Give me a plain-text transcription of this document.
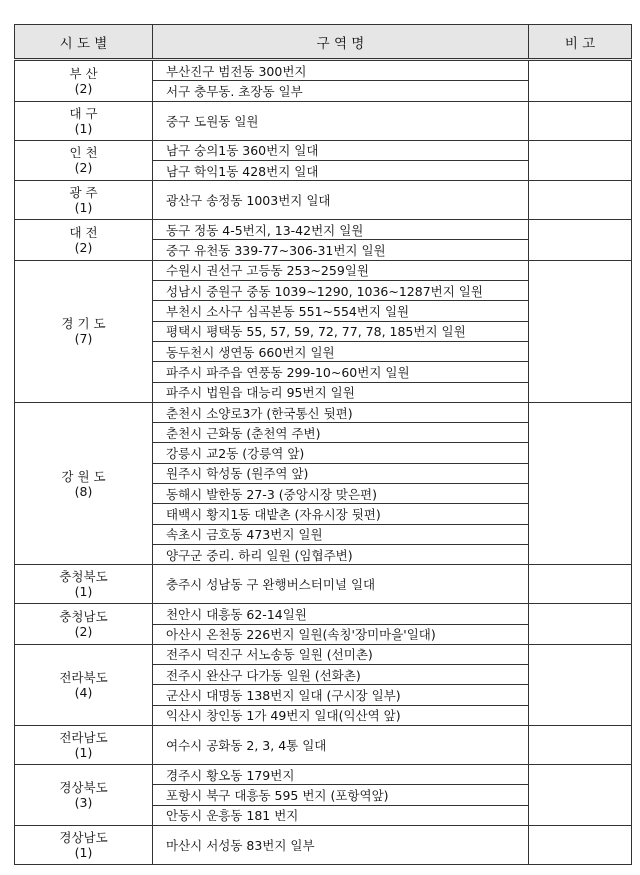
시 도 별	구 역 명	비 고

부 산
(2)	부산진구 범전동 300번지	
	서구 충무동. 초장동 일부	

대 구
(1)	중구 도원동 일원	

인 천
(2)	남구 숭의1동 360번지 일대	
	남구 학익1동 428번지 일대	

광 주
(1)	광산구 송정동 1003번지 일대	

대 전
(2)	동구 정동 4-5번지, 13-42번지 일원	
	중구 유천동 339-77~306-31번지 일원	

경 기 도
(7)	수원시 권선구 고등동 253~259일원	
	성남시 중원구 중동 1039~1290, 1036~1287번지 일원	
	부천시 소사구 심곡본동 551~554번지 일원	
	평택시 평택동 55, 57, 59, 72, 77, 78, 185번지 일원	
	동두천시 생연동 660번지 일원	
	파주시 파주읍 연풍동 299-10~60번지 일원	
	파주시 법원읍 대능리 95번지 일원	

강 원 도
(8)	춘천시 소양로3가 (한국통신 뒷편)	
	춘천시 근화동 (춘천역 주변)	
	강릉시 교2동 (강릉역 앞)	
	원주시 학성동 (원주역 앞)	
	동해시 발한동 27-3 (중앙시장 맞은편)	
	태백시 황지1동 대밭촌 (자유시장 뒷편)	
	속초시 금호동 473번지 일원	
	양구군 중리. 하리 일원 (임협주변)	

충청북도
(1)	충주시 성남동 구 완행버스터미널 일대	

충청남도
(2)	천안시 대흥동 62-14일원	
	아산시 온천동 226번지 일원(속칭'장미마을'일대)	

전라북도
(4)	전주시 덕진구 서노송동 일원 (선미촌)	
	전주시 완산구 다가동 일원 (선화촌)	
	군산시 대명동 138번지 일대 (구시장 일부)	
	익산시 창인동 1가 49번지 일대(익산역 앞)	

전라남도
(1)	여수시 공화동 2, 3, 4통 일대	

경상북도
(3)	경주시 황오동 179번지	
	포항시 북구 대흥동 595 번지 (포항역앞)	
	안동시 운흥동 181 번지	

경상남도
(1)	마산시 서성동 83번지 일부	
